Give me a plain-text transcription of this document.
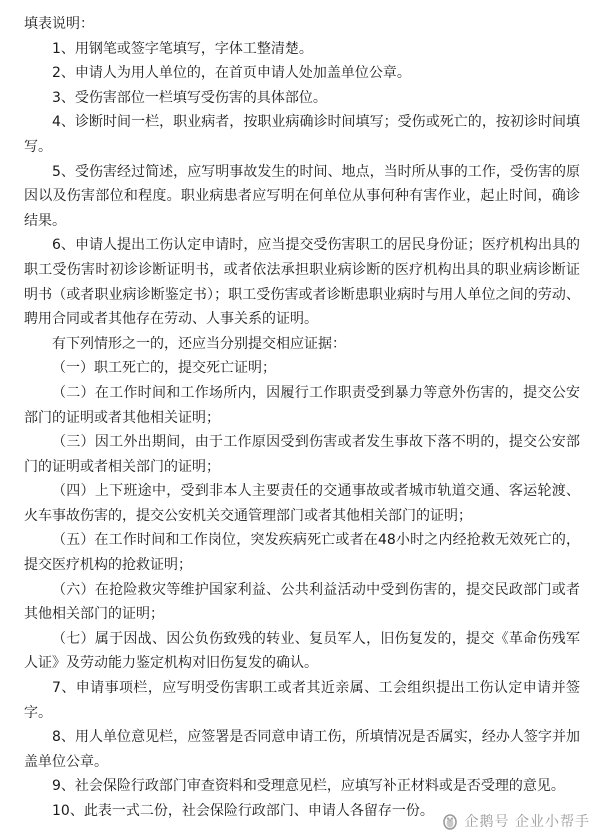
填表说明：

1、用钢笔或签字笔填写，字体工整清楚。

2、申请人为用人单位的，在首页申请人处加盖单位公章。

3、受伤害部位一栏填写受伤害的具体部位。

4、诊断时间一栏，职业病者，按职业病确诊时间填写；受伤或死亡的，按初诊时间填写。

5、受伤害经过简述，应写明事故发生的时间、地点，当时所从事的工作，受伤害的原因以及伤害部位和程度。职业病患者应写明在何单位从事何种有害作业，起止时间，确诊结果。

6、申请人提出工伤认定申请时，应当提交受伤害职工的居民身份证；医疗机构出具的职工受伤害时初诊诊断证明书，或者依法承担职业病诊断的医疗机构出具的职业病诊断证明书（或者职业病诊断鉴定书）；职工受伤害或者诊断患职业病时与用人单位之间的劳动、聘用合同或者其他存在劳动、人事关系的证明。

有下列情形之一的，还应当分别提交相应证据：

（一）职工死亡的，提交死亡证明；

（二）在工作时间和工作场所内，因履行工作职责受到暴力等意外伤害的，提交公安部门的证明或者其他相关证明；

（三）因工外出期间，由于工作原因受到伤害或者发生事故下落不明的，提交公安部门的证明或者相关部门的证明；

（四）上下班途中，受到非本人主要责任的交通事故或者城市轨道交通、客运轮渡、火车事故伤害的，提交公安机关交通管理部门或者其他相关部门的证明；

（五）在工作时间和工作岗位，突发疾病死亡或者在48小时之内经抢救无效死亡的，提交医疗机构的抢救证明；

（六）在抢险救灾等维护国家利益、公共利益活动中受到伤害的，提交民政部门或者其他相关部门的证明；

（七）属于因战、因公负伤致残的转业、复员军人，旧伤复发的，提交《革命伤残军人证》及劳动能力鉴定机构对旧伤复发的确认。

7、申请事项栏，应写明受伤害职工或者其近亲属、工会组织提出工伤认定申请并签字。

8、用人单位意见栏，应签署是否同意申请工伤，所填情况是否属实，经办人签字并加盖单位公章。

9、社会保险行政部门审查资料和受理意见栏，应填写补正材料或是否受理的意见。

10、此表一式二份，社会保险行政部门、申请人各留存一份。

企鹅号 企业小帮手
